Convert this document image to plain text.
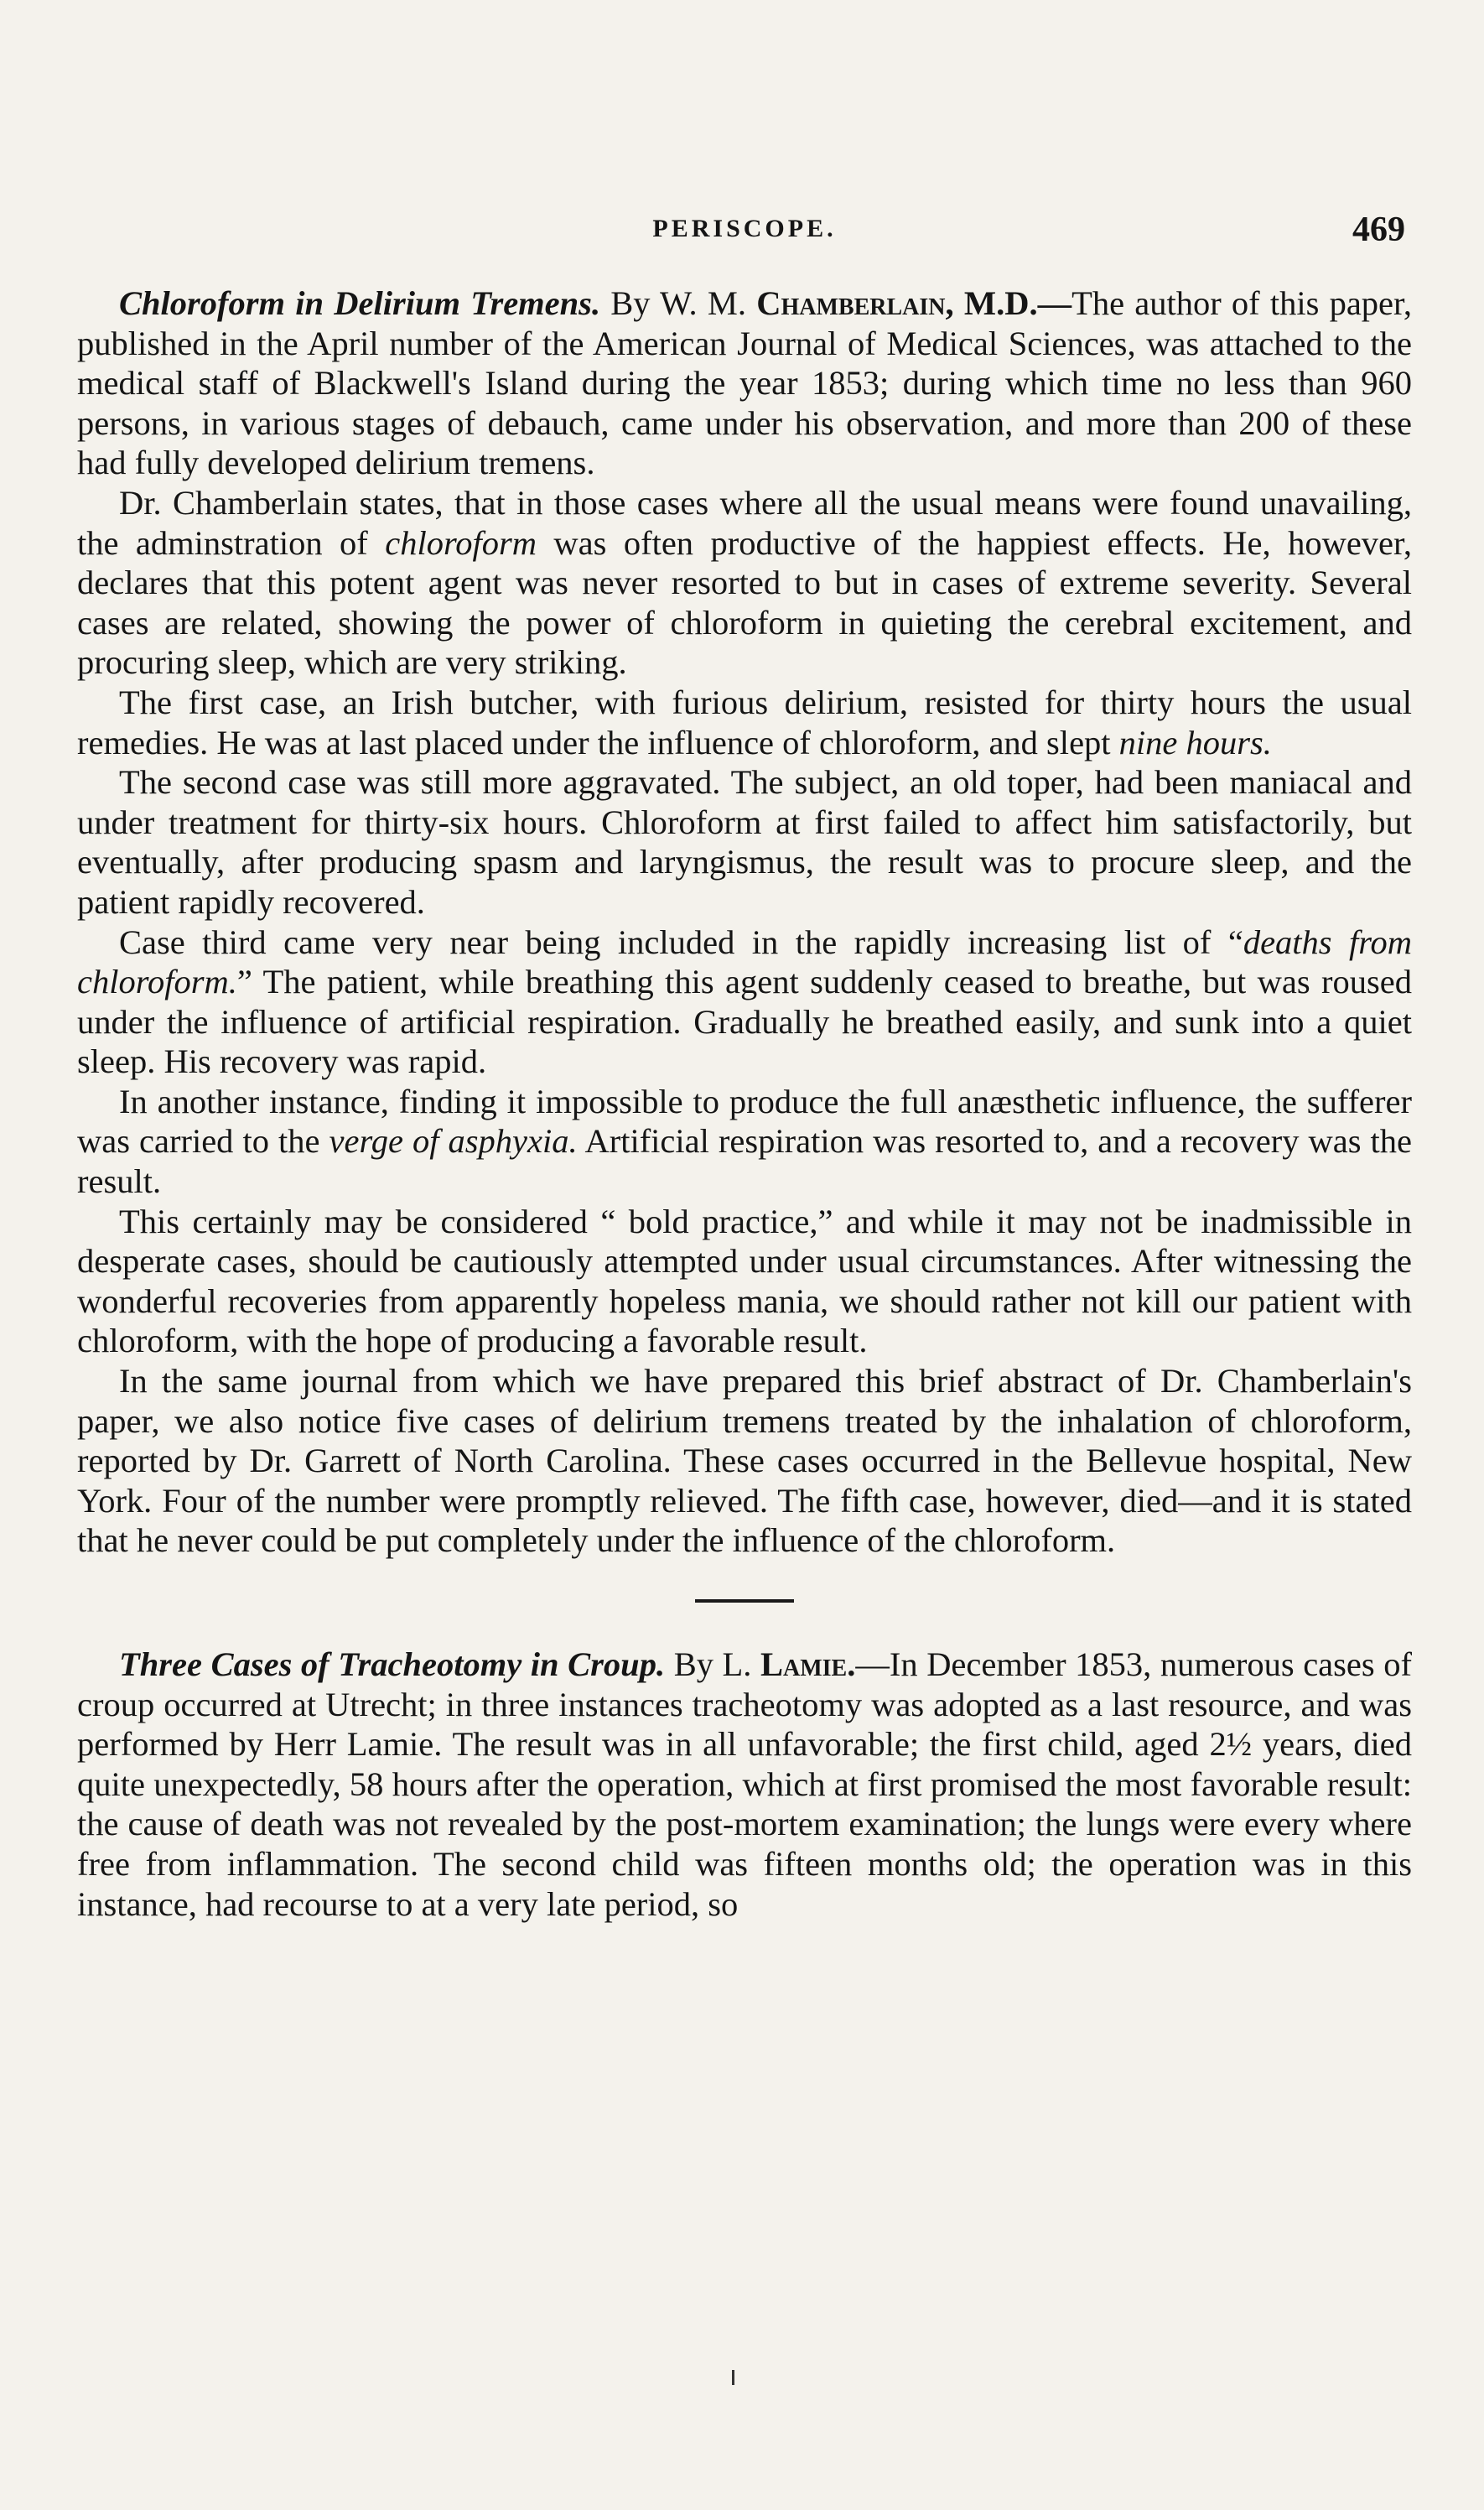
PERISCOPE.	469

Chloroform in Delirium Tremens. By W. M. Chamberlain, M.D.—The author of this paper, published in the April number of the American Journal of Medical Sciences, was attached to the medical staff of Blackwell's Island during the year 1853; during which time no less than 960 persons, in various stages of debauch, came under his observation, and more than 200 of these had fully developed delirium tremens.

Dr. Chamberlain states, that in those cases where all the usual means were found unavailing, the adminstration of chloroform was often productive of the happiest effects. He, however, declares that this potent agent was never resorted to but in cases of extreme severity. Several cases are related, showing the power of chloroform in quieting the cerebral excitement, and procuring sleep, which are very striking.

The first case, an Irish butcher, with furious delirium, resisted for thirty hours the usual remedies. He was at last placed under the influence of chloroform, and slept nine hours.

The second case was still more aggravated. The subject, an old toper, had been maniacal and under treatment for thirty-six hours. Chloroform at first failed to affect him satisfactorily, but eventually, after producing spasm and laryngismus, the result was to procure sleep, and the patient rapidly recovered.

Case third came very near being included in the rapidly increasing list of “deaths from chloroform.” The patient, while breathing this agent suddenly ceased to breathe, but was roused under the influence of artificial respiration. Gradually he breathed easily, and sunk into a quiet sleep. His recovery was rapid.

In another instance, finding it impossible to produce the full anæsthetic influence, the sufferer was carried to the verge of asphyxia. Artificial respiration was resorted to, and a recovery was the result.

This certainly may be considered “ bold practice,” and while it may not be inadmissible in desperate cases, should be cautiously attempted under usual circumstances. After witnessing the wonderful recoveries from apparently hopeless mania, we should rather not kill our patient with chloroform, with the hope of producing a favorable result.

In the same journal from which we have prepared this brief abstract of Dr. Chamberlain's paper, we also notice five cases of delirium tremens treated by the inhalation of chloroform, reported by Dr. Garrett of North Carolina. These cases occurred in the Bellevue hospital, New York. Four of the number were promptly relieved. The fifth case, however, died—and it is stated that he never could be put completely under the influence of the chloroform.

Three Cases of Tracheotomy in Croup. By L. Lamie.—In December 1853, numerous cases of croup occurred at Utrecht; in three instances tracheotomy was adopted as a last resource, and was performed by Herr Lamie. The result was in all unfavorable; the first child, aged 2½ years, died quite unexpectedly, 58 hours after the operation, which at first promised the most favorable result: the cause of death was not revealed by the post-mortem examination; the lungs were every where free from inflammation. The second child was fifteen months old; the operation was in this instance, had recourse to at a very late period, so
